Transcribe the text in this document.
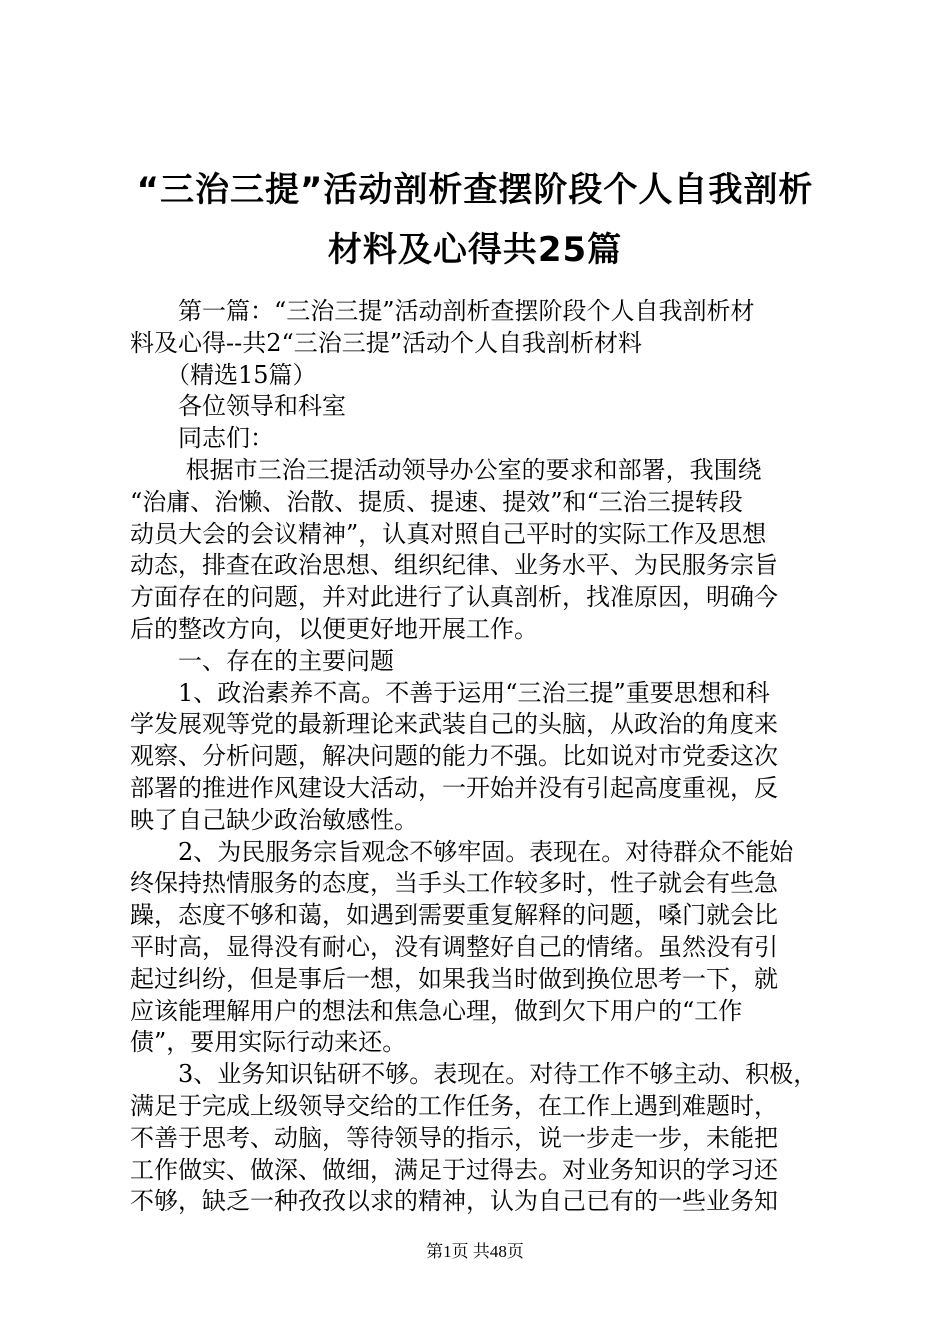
“三治三提”活动剖析查摆阶段个人自我剖析
材料及心得共25篇
　　第一篇：“三治三提”活动剖析查摆阶段个人自我剖析材
料及心得--共2“三治三提”活动个人自我剖析材料
　　（精选15篇）
　　各位领导和科室
　　同志们：
　　 根据市三治三提活动领导办公室的要求和部署，我围绕
“治庸、治懒、治散、提质、提速、提效”和“三治三提转段
动员大会的会议精神”，认真对照自己平时的实际工作及思想
动态，排查在政治思想、组织纪律、业务水平、为民服务宗旨
方面存在的问题，并对此进行了认真剖析，找准原因，明确今
后的整改方向，以便更好地开展工作。
　　一、存在的主要问题
　　1、政治素养不高。不善于运用“三治三提”重要思想和科
学发展观等党的最新理论来武装自己的头脑，从政治的角度来
观察、分析问题，解决问题的能力不强。比如说对市党委这次
部署的推进作风建设大活动，一开始并没有引起高度重视，反
映了自己缺少政治敏感性。
　　2、为民服务宗旨观念不够牢固。表现在。对待群众不能始
终保持热情服务的态度，当手头工作较多时，性子就会有些急
躁，态度不够和蔼，如遇到需要重复解释的问题，嗓门就会比
平时高，显得没有耐心，没有调整好自己的情绪。虽然没有引
起过纠纷，但是事后一想，如果我当时做到换位思考一下，就
应该能理解用户的想法和焦急心理，做到欠下用户的“工作
债”，要用实际行动来还。
　　3、业务知识钻研不够。表现在。对待工作不够主动、积极，
满足于完成上级领导交给的工作任务，在工作上遇到难题时，
不善于思考、动脑，等待领导的指示，说一步走一步，未能把
工作做实、做深、做细，满足于过得去。对业务知识的学习还
不够，缺乏一种孜孜以求的精神，认为自己已有的一些业务知
第1页 共48页
